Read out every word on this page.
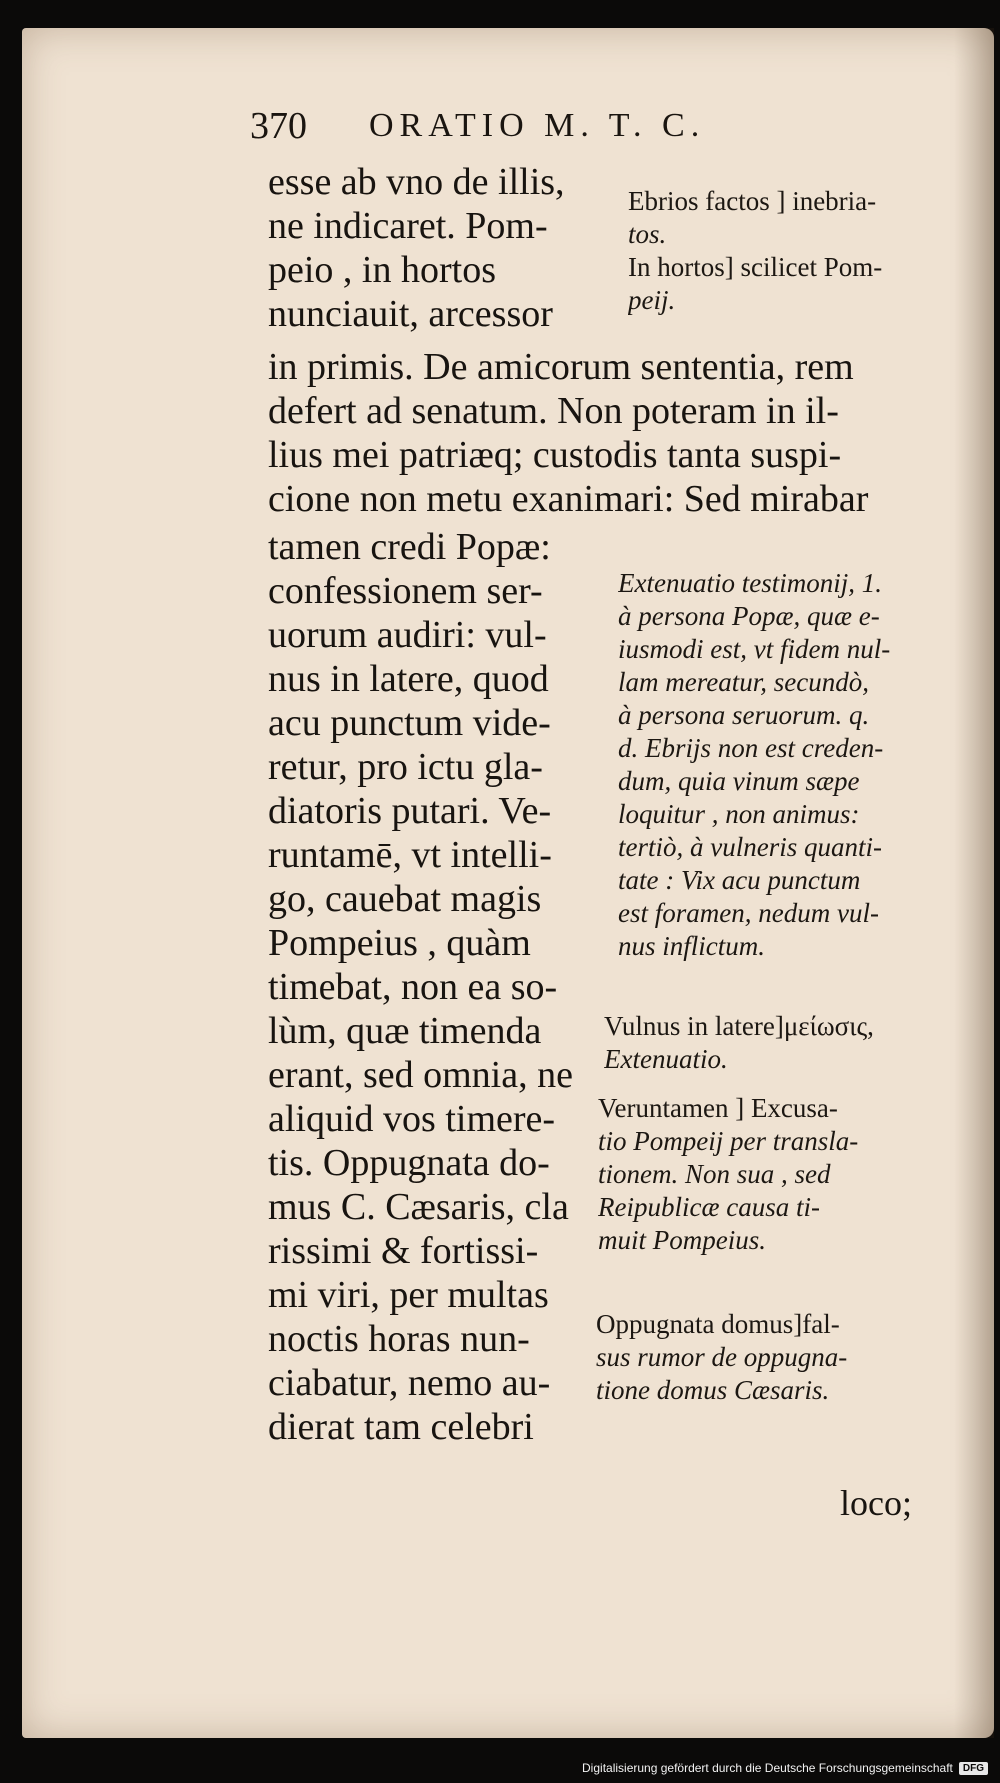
370 ORATIO M. T. C.
esse ab vno de illis,
ne indicaret. Pom-
peio , in hortos
nunciauit, arcessor
in primis. De amicorum sententia, rem
defert ad senatum. Non poteram in il-
lius mei patriæq; custodis tanta suspi-
cione non metu exanimari: Sed mirabar
tamen credi Popæ:
confessionem ser-
uorum audiri: vul-
nus in latere, quod
acu punctum vide-
retur, pro ictu gla-
diatoris putari. Ve-
runtamē, vt intelli-
go, cauebat magis
Pompeius , quàm
timebat, non ea so-
lùm, quæ timenda
erant, sed omnia, ne
aliquid vos timere-
tis. Oppugnata do-
mus C. Cæsaris, cla
rissimi & fortissi-
mi viri, per multas
noctis horas nun-
ciabatur, nemo au-
dierat tam celebri
Ebrios factos ] inebria-
tos.
In hortos] scilicet Pom-
peij.
Extenuatio testimonij, 1.
à persona Popæ, quæ e-
iusmodi est, vt fidem nul-
lam mereatur, secundò,
à persona seruorum. q.
d. Ebrijs non est creden-
dum, quia vinum sæpe
loquitur , non animus:
tertiò, à vulneris quanti-
tate : Vix acu punctum
est foramen, nedum vul-
nus inflictum.
Vulnus in latere]μείωσις,
Extenuatio.
Veruntamen ] Excusa-
tio Pompeij per transla-
tionem. Non sua , sed
Reipublicæ causa ti-
muit Pompeius.
Oppugnata domus]fal-
sus rumor de oppugna-
tione domus Cæsaris.
loco;
Digitalisierung gefördert durch die Deutsche Forschungsgemeinschaft	DFG
